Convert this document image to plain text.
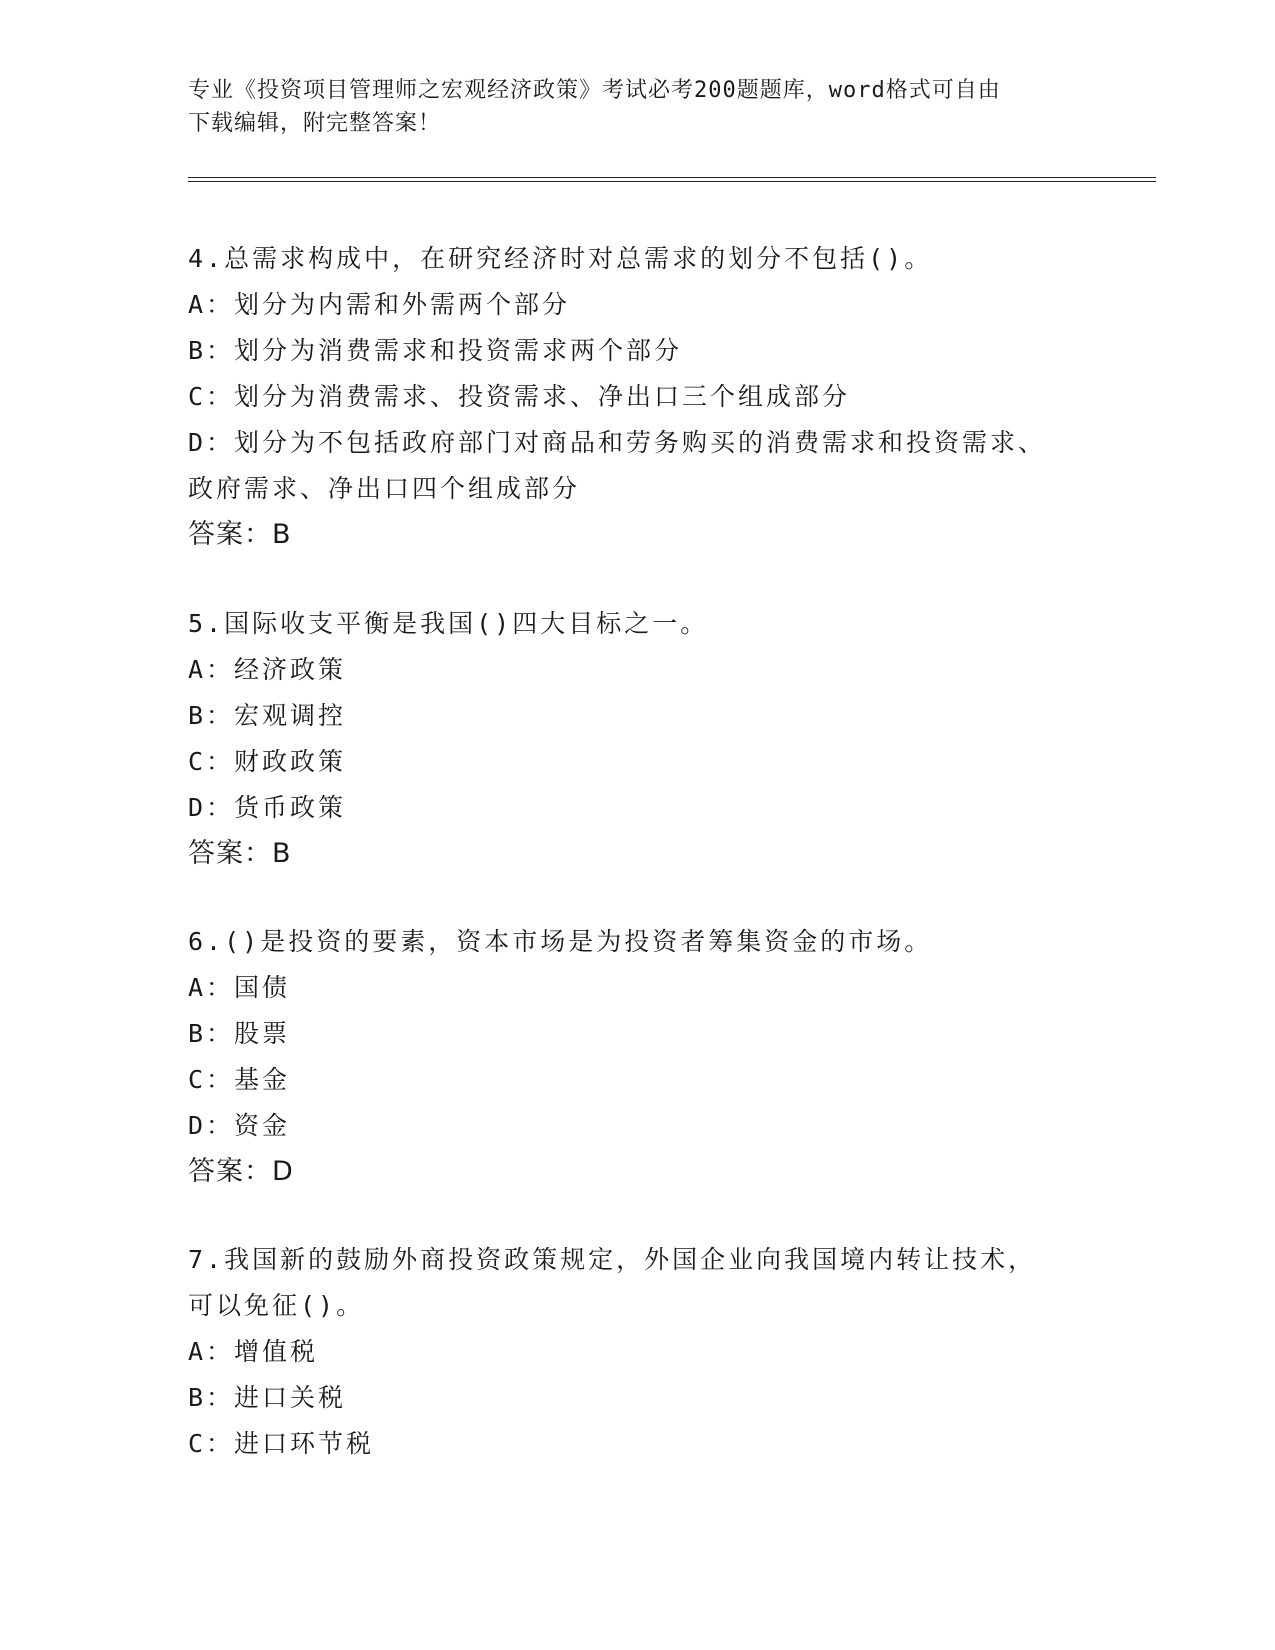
专业《投资项目管理师之宏观经济政策》考试必考200题题库，word格式可自由
下载编辑，附完整答案！
4.总需求构成中，在研究经济时对总需求的划分不包括()。
A：划分为内需和外需两个部分
B：划分为消费需求和投资需求两个部分
C：划分为消费需求、投资需求、净出口三个组成部分
D：划分为不包括政府部门对商品和劳务购买的消费需求和投资需求、
政府需求、净出口四个组成部分
答案：B
5.国际收支平衡是我国()四大目标之一。
A：经济政策
B：宏观调控
C：财政政策
D：货币政策
答案：B
6.()是投资的要素，资本市场是为投资者筹集资金的市场。
A：国债
B：股票
C：基金
D：资金
答案：D
7.我国新的鼓励外商投资政策规定，外国企业向我国境内转让技术，
可以免征()。
A：增值税
B：进口关税
C：进口环节税
